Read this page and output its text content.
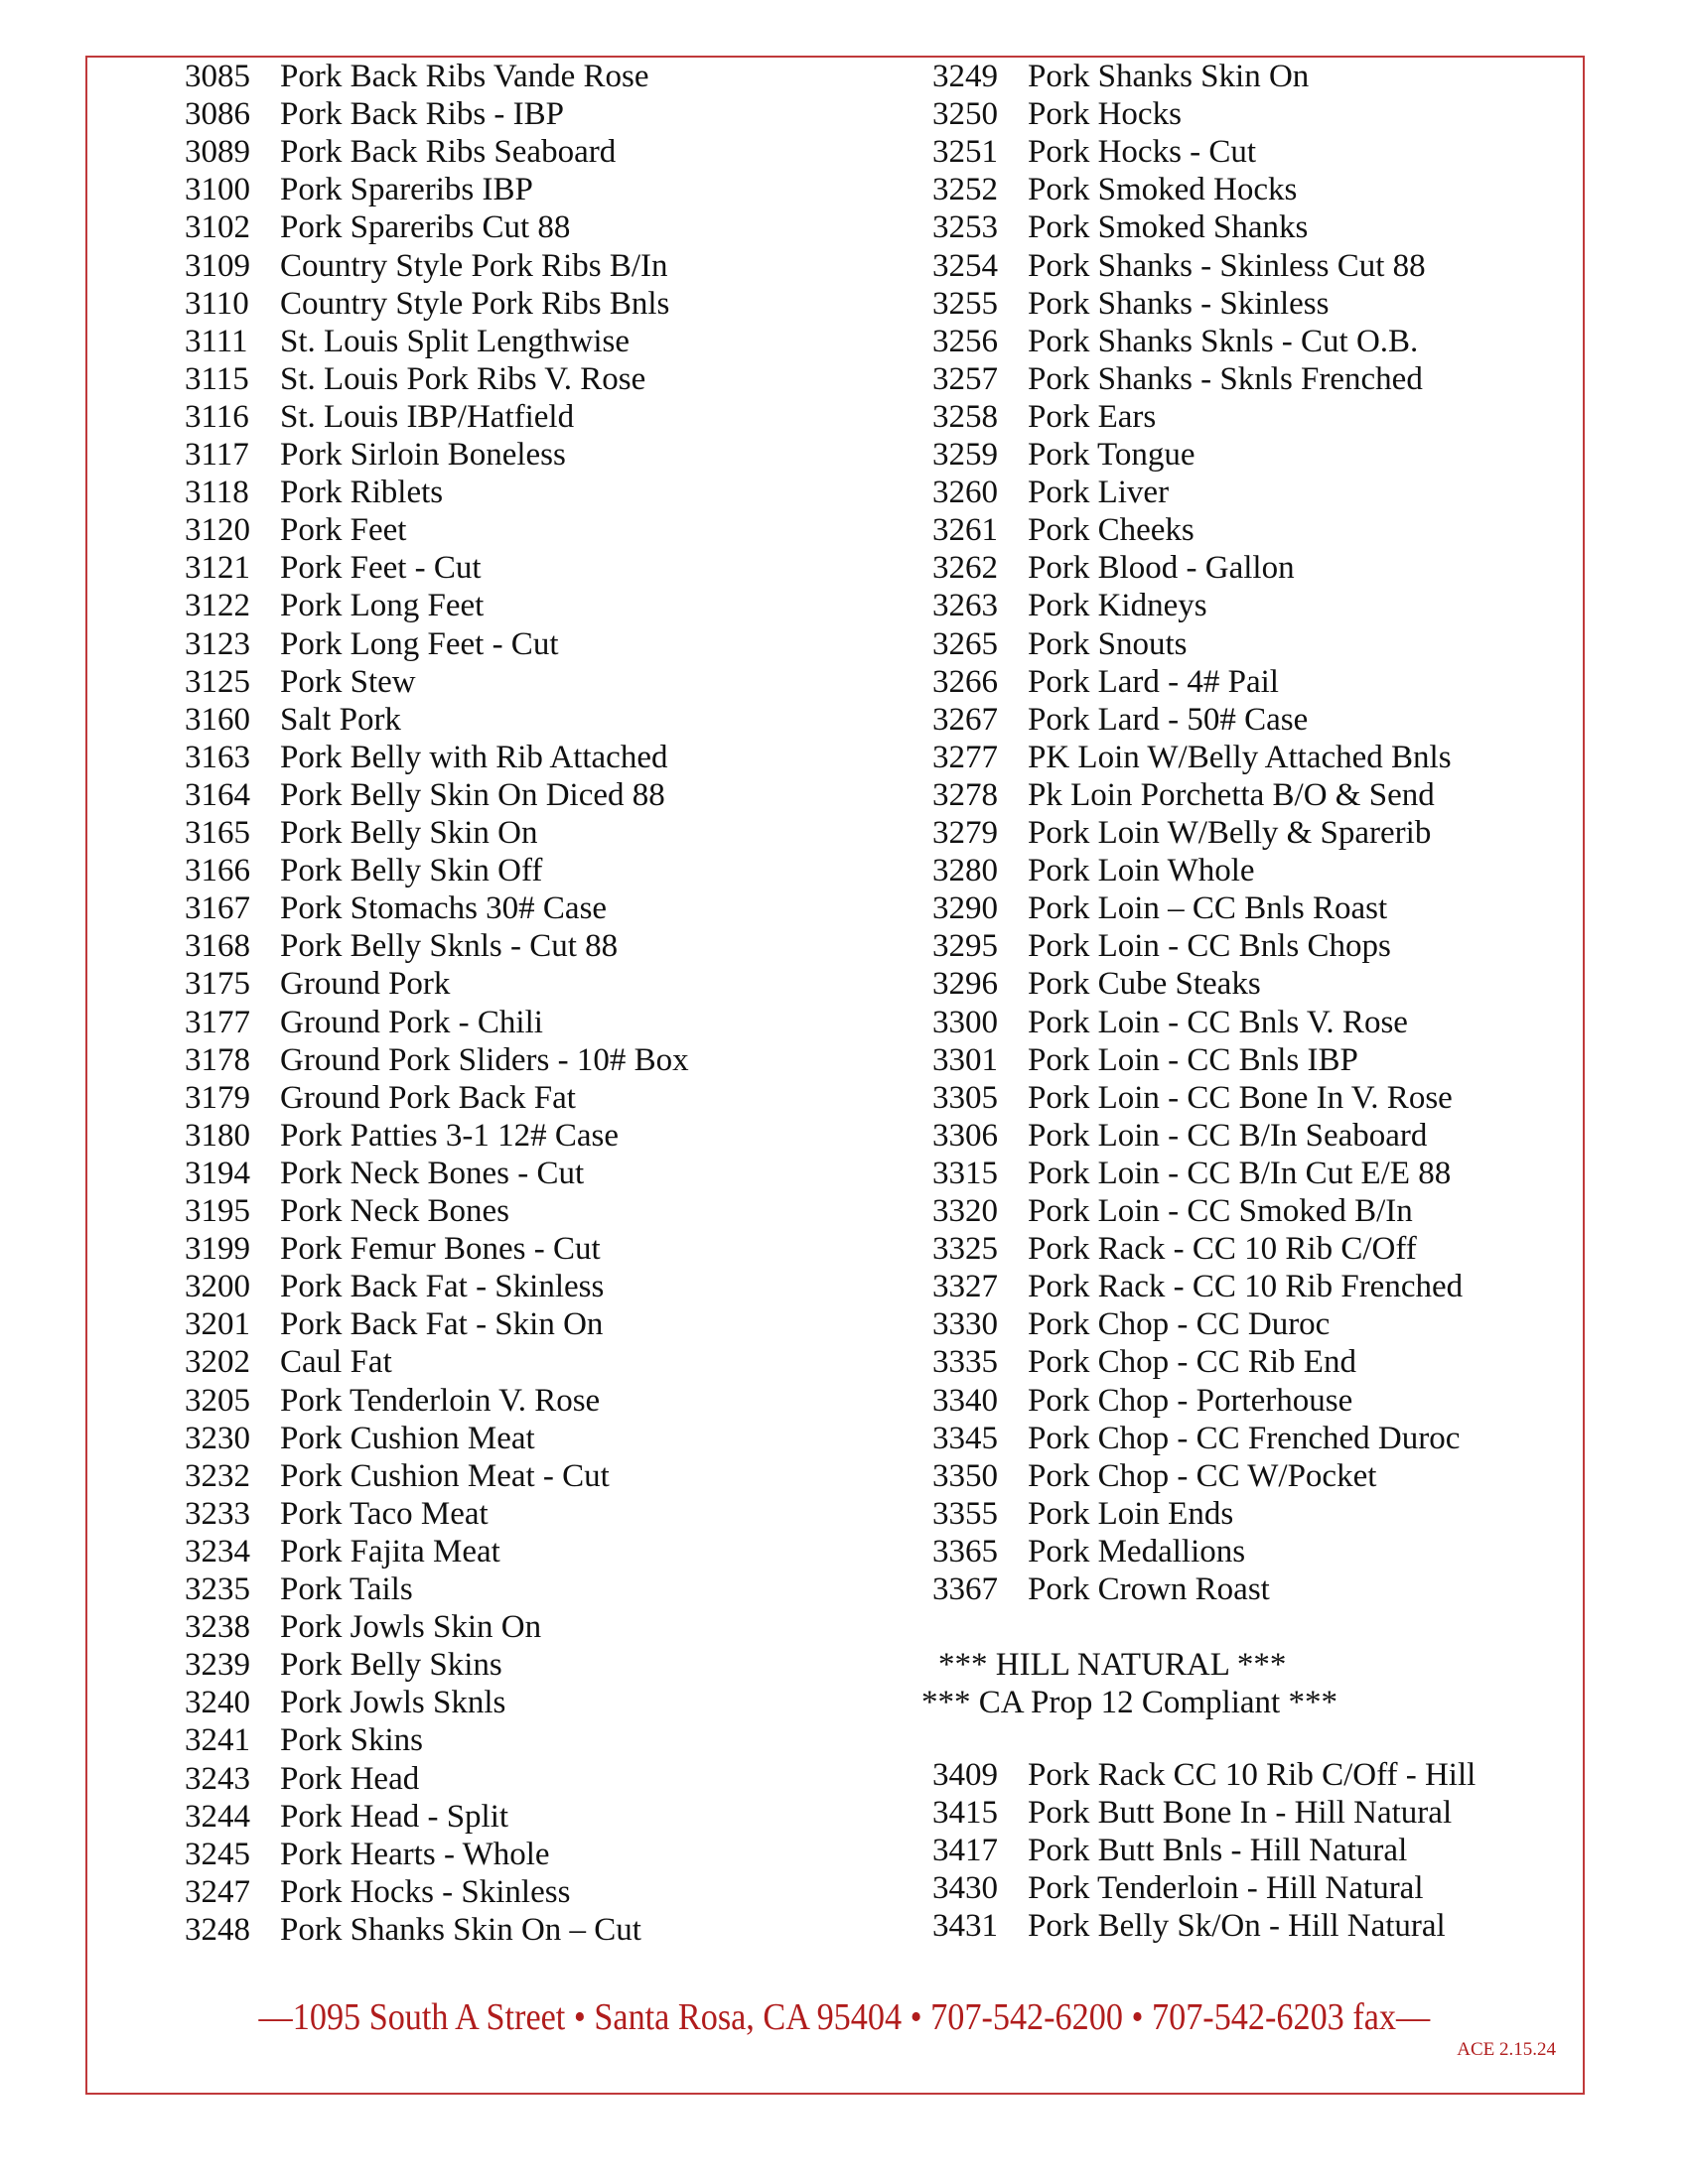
3085 Pork Back Ribs Vande Rose
3086 Pork Back Ribs - IBP
3089 Pork Back Ribs Seaboard
3100 Pork Spareribs IBP
3102 Pork Spareribs Cut 88
3109 Country Style Pork Ribs B/In
3110 Country Style Pork Ribs Bnls
3111 St. Louis Split Lengthwise
3115 St. Louis Pork Ribs V. Rose
3116 St. Louis IBP/Hatfield
3117 Pork Sirloin Boneless
3118 Pork Riblets
3120 Pork Feet
3121 Pork Feet - Cut
3122 Pork Long Feet
3123 Pork Long Feet - Cut
3125 Pork Stew
3160 Salt Pork
3163 Pork Belly with Rib Attached
3164 Pork Belly Skin On Diced 88
3165 Pork Belly Skin On
3166 Pork Belly Skin Off
3167 Pork Stomachs 30# Case
3168 Pork Belly Sknls - Cut 88
3175 Ground Pork
3177 Ground Pork - Chili
3178 Ground Pork Sliders - 10# Box
3179 Ground Pork Back Fat
3180 Pork Patties 3-1 12# Case
3194 Pork Neck Bones - Cut
3195 Pork Neck Bones
3199 Pork Femur Bones - Cut
3200 Pork Back Fat - Skinless
3201 Pork Back Fat - Skin On
3202 Caul Fat
3205 Pork Tenderloin V. Rose
3230 Pork Cushion Meat
3232 Pork Cushion Meat - Cut
3233 Pork Taco Meat
3234 Pork Fajita Meat
3235 Pork Tails
3238 Pork Jowls Skin On
3239 Pork Belly Skins
3240 Pork Jowls Sknls
3241 Pork Skins
3243 Pork Head
3244 Pork Head - Split
3245 Pork Hearts - Whole
3247 Pork Hocks - Skinless
3248 Pork Shanks Skin On – Cut
3249 Pork Shanks Skin On
3250 Pork Hocks
3251 Pork Hocks - Cut
3252 Pork Smoked Hocks
3253 Pork Smoked Shanks
3254 Pork Shanks - Skinless Cut 88
3255 Pork Shanks - Skinless
3256 Pork Shanks Sknls - Cut O.B.
3257 Pork Shanks - Sknls Frenched
3258 Pork Ears
3259 Pork Tongue
3260 Pork Liver
3261 Pork Cheeks
3262 Pork Blood - Gallon
3263 Pork Kidneys
3265 Pork Snouts
3266 Pork Lard - 4# Pail
3267 Pork Lard - 50# Case
3277 PK Loin W/Belly Attached Bnls
3278 Pk Loin Porchetta B/O & Send
3279 Pork Loin W/Belly & Sparerib
3280 Pork Loin Whole
3290 Pork Loin – CC Bnls Roast
3295 Pork Loin - CC Bnls Chops
3296 Pork Cube Steaks
3300 Pork Loin - CC Bnls V. Rose
3301 Pork Loin - CC Bnls IBP
3305 Pork Loin - CC Bone In V. Rose
3306 Pork Loin - CC B/In Seaboard
3315 Pork Loin - CC B/In Cut E/E 88
3320 Pork Loin - CC Smoked B/In
3325 Pork Rack - CC 10 Rib C/Off
3327 Pork Rack - CC 10 Rib Frenched
3330 Pork Chop - CC Duroc
3335 Pork Chop - CC Rib End
3340 Pork Chop - Porterhouse
3345 Pork Chop - CC Frenched Duroc
3350 Pork Chop - CC W/Pocket
3355 Pork Loin Ends
3365 Pork Medallions
3367 Pork Crown Roast
*** HILL NATURAL ***
*** CA Prop 12 Compliant ***
3409 Pork Rack CC 10 Rib C/Off - Hill
3415 Pork Butt Bone In - Hill Natural
3417 Pork Butt Bnls - Hill Natural
3430 Pork Tenderloin - Hill Natural
3431 Pork Belly Sk/On - Hill Natural
—1095 South A Street • Santa Rosa, CA 95404 • 707-542-6200 • 707-542-6203 fax—
ACE 2.15.24
